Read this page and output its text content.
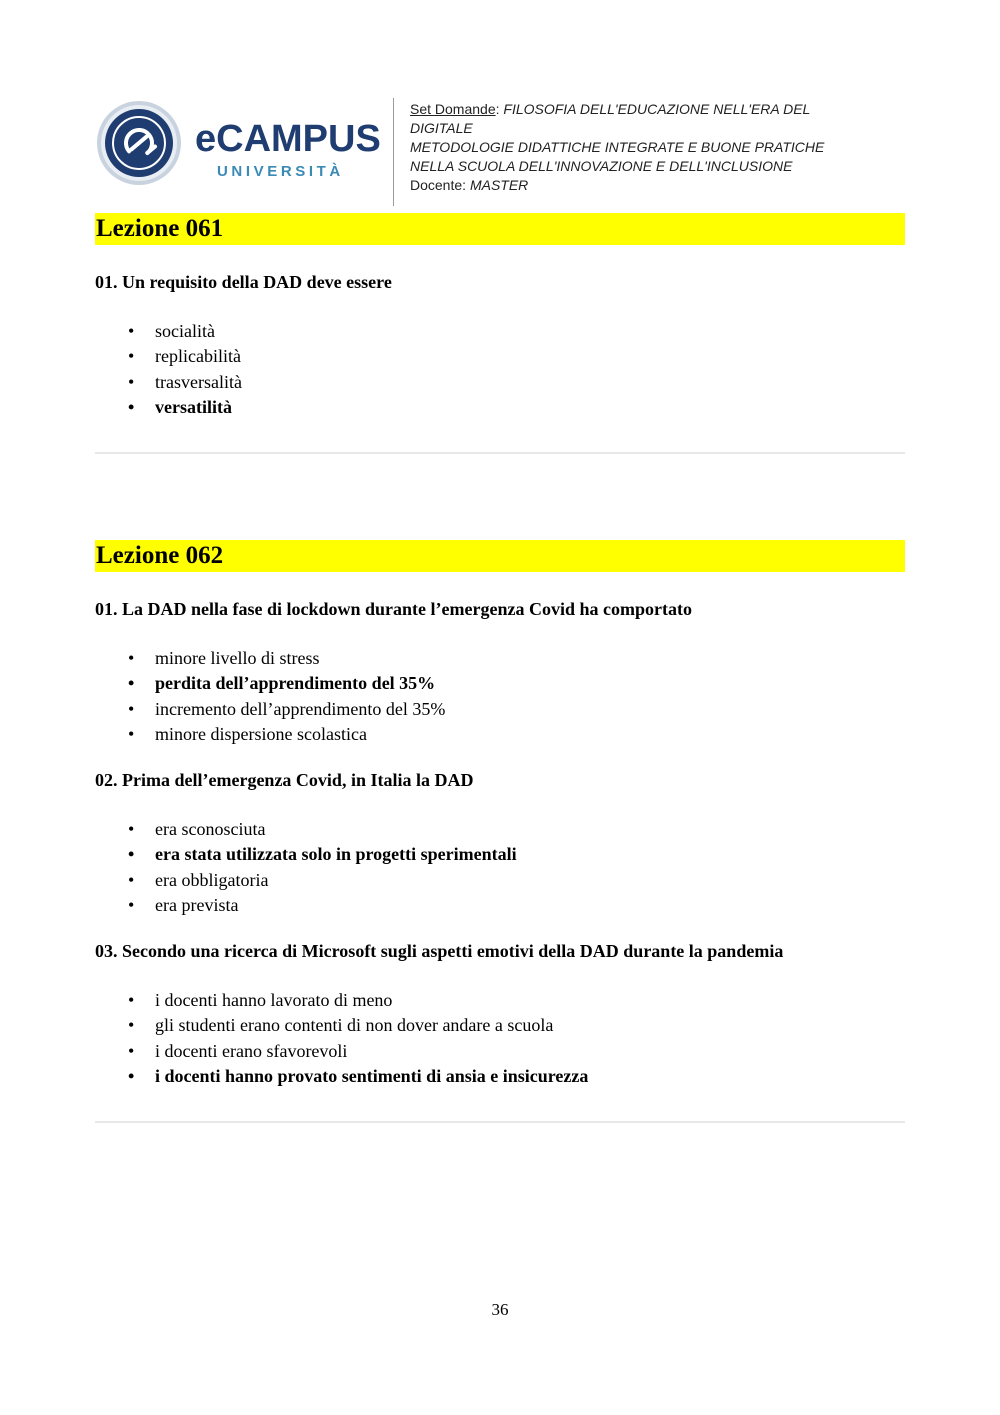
eCAMPUS
UNIVERSITÀ
Set Domande: FILOSOFIA DELL'EDUCAZIONE NELL'ERA DEL
DIGITALE
METODOLOGIE DIDATTICHE INTEGRATE E BUONE PRATICHE
NELLA SCUOLA DELL'INNOVAZIONE E DELL'INCLUSIONE
Docente: MASTER
Lezione 061
01. Un requisito della DAD deve essere
• socialità
• replicabilità
• trasversalità
• versatilità
Lezione 062
01. La DAD nella fase di lockdown durante l’emergenza Covid ha comportato
• minore livello di stress
• perdita dell’apprendimento del 35%
• incremento dell’apprendimento del 35%
• minore dispersione scolastica
02. Prima dell’emergenza Covid, in Italia la DAD
• era sconosciuta
• era stata utilizzata solo in progetti sperimentali
• era obbligatoria
• era prevista
03. Secondo una ricerca di Microsoft sugli aspetti emotivi della DAD durante la pandemia
• i docenti hanno lavorato di meno
• gli studenti erano contenti di non dover andare a scuola
• i docenti erano sfavorevoli
• i docenti hanno provato sentimenti di ansia e insicurezza
36
